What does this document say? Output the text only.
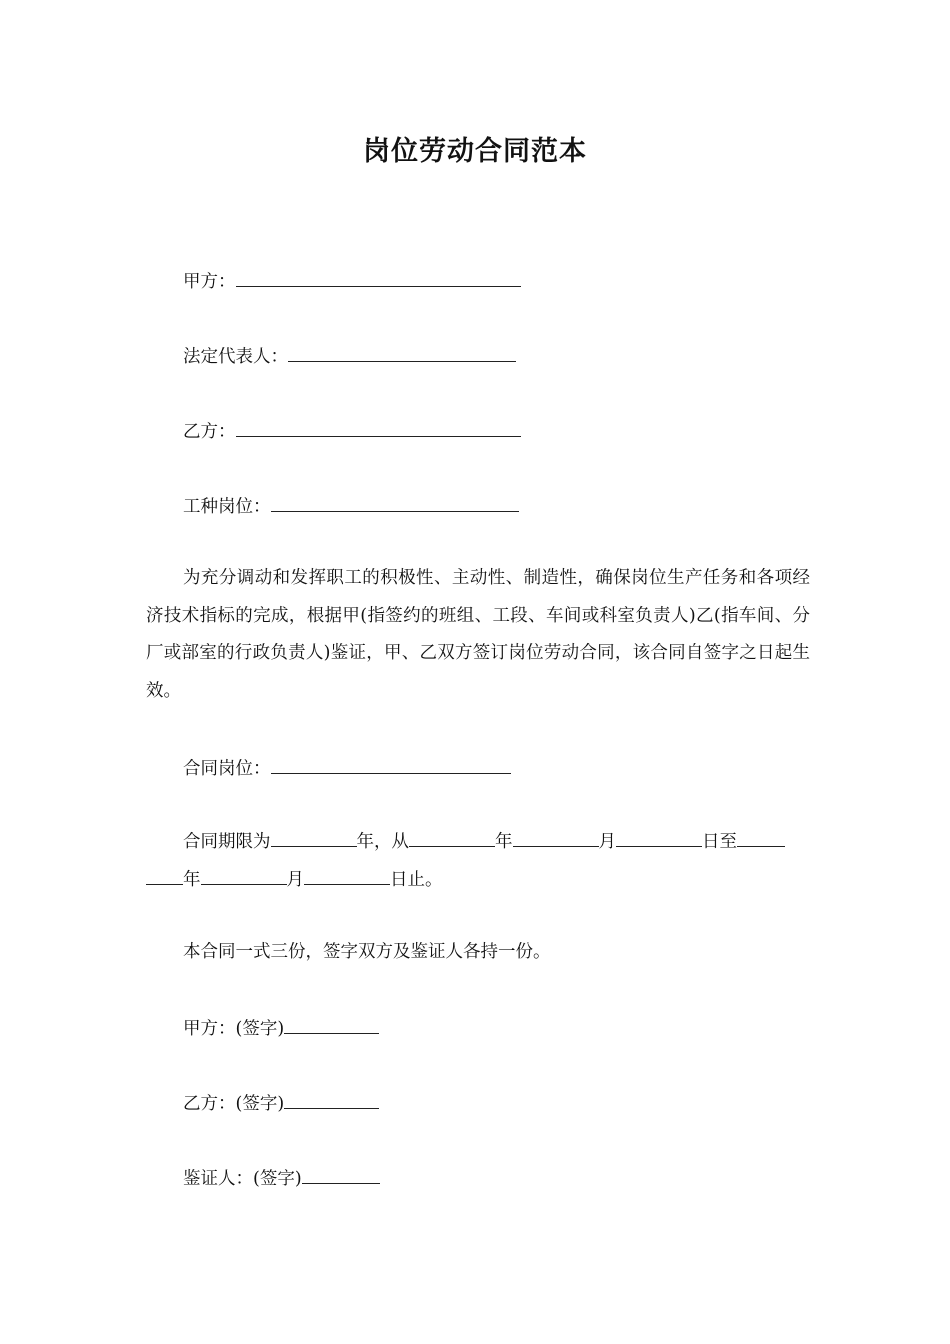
岗位劳动合同范本
甲方：
法定代表人：
乙方：
工种岗位：
为充分调动和发挥职工的积极性、主动性、制造性，确保岗位生产任务和各项经济技术指标的完成，根据甲(指签约的班组、工段、车间或科室负责人)乙(指车间、分厂或部室的行政负责人)鉴证，甲、乙双方签订岗位劳动合同，该合同自签字之日起生效。
合同岗位：
合同期限为	年，从	年	月	日至
年	月	日止。
本合同一式三份，签字双方及鉴证人各持一份。
甲方：(签字)
乙方：(签字)
鉴证人：(签字)
